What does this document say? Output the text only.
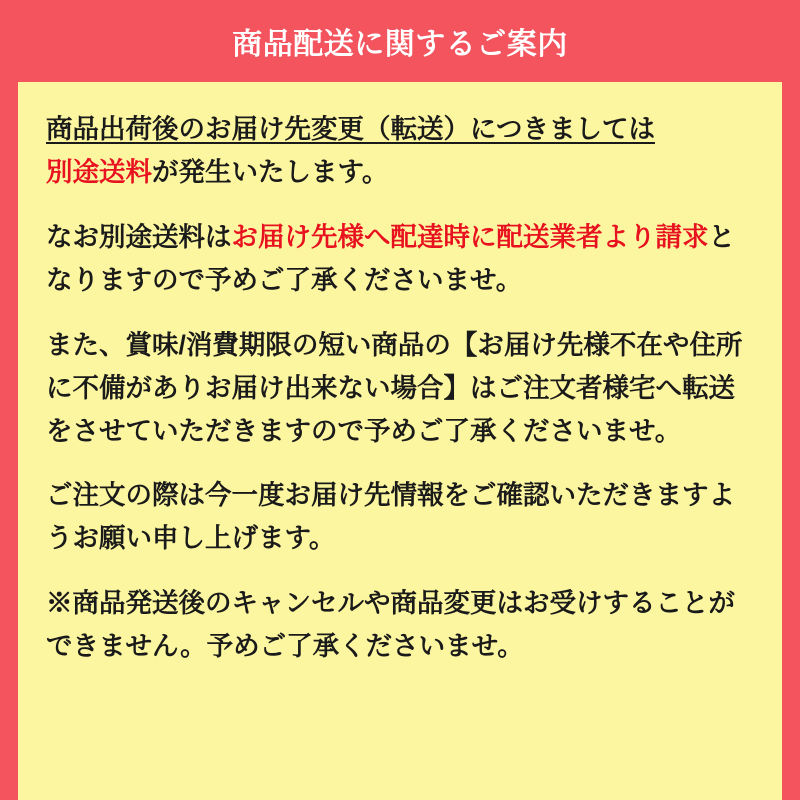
商品配送に関するご案内

商品出荷後のお届け先変更（転送）につきましては
別途送料が発生いたします。

なお別途送料はお届け先様へ配達時に配送業者より請求となりますので予めご了承くださいませ。

また、賞味/消費期限の短い商品の【お届け先様不在や住所に不備がありお届け出来ない場合】はご注文者様宅へ転送をさせていただきますので予めご了承くださいませ。

ご注文の際は今一度お届け先情報をご確認いただきますようお願い申し上げます。

※商品発送後のキャンセルや商品変更はお受けすることができません。予めご了承くださいませ。
